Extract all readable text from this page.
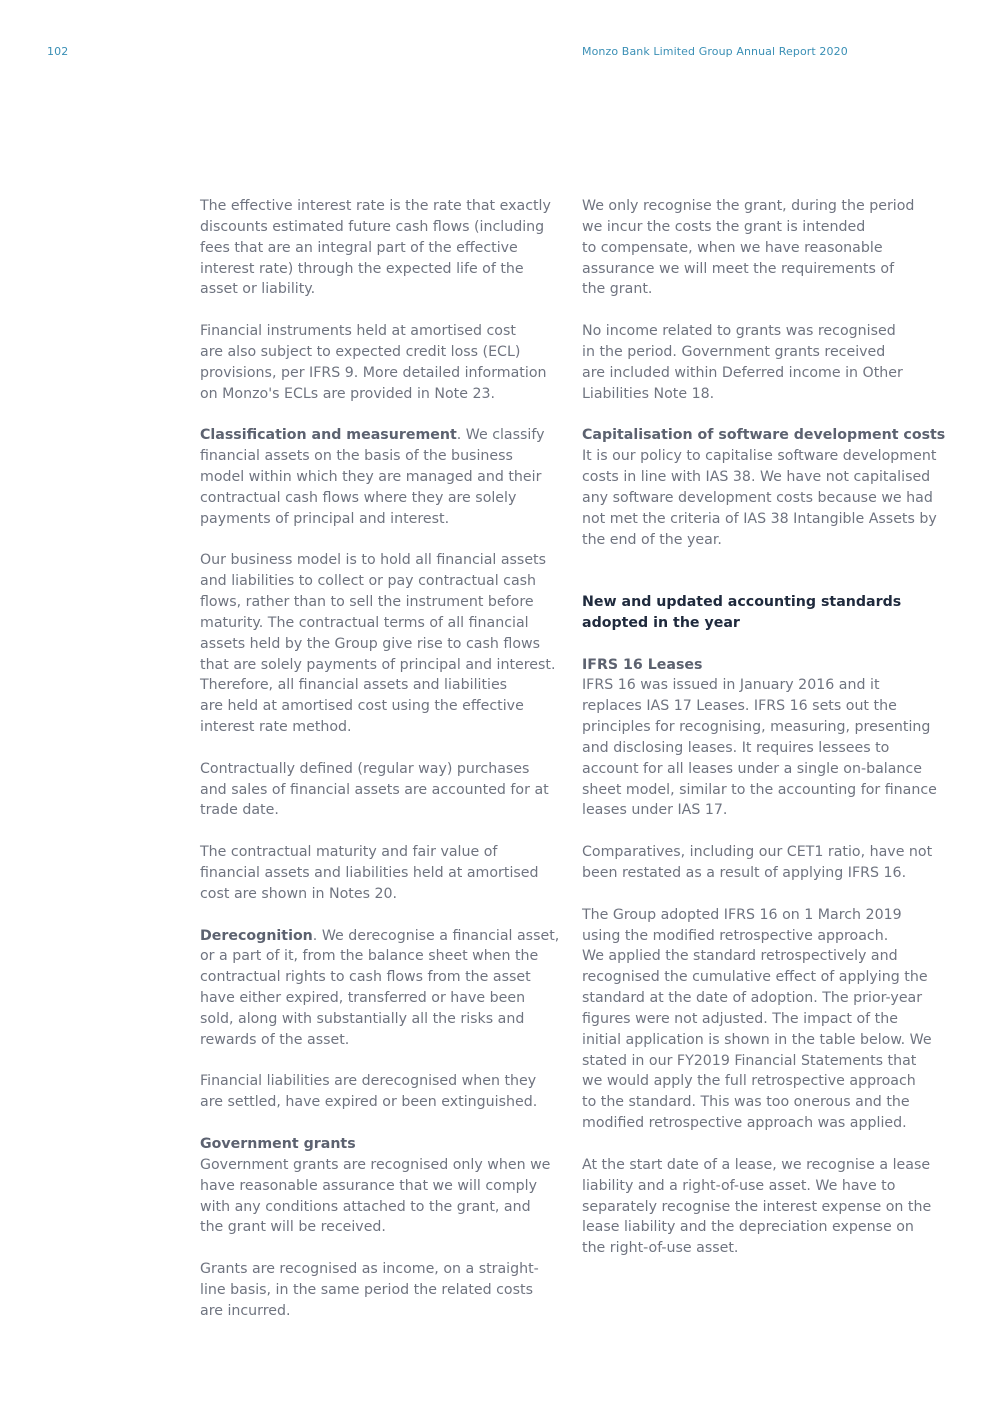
102	Monzo Bank Limited Group Annual Report 2020

The effective interest rate is the rate that exactly
discounts estimated future cash flows (including
fees that are an integral part of the effective
interest rate) through the expected life of the
asset or liability.

Financial instruments held at amortised cost
are also subject to expected credit loss (ECL)
provisions, per IFRS 9. More detailed information
on Monzo's ECLs are provided in Note 23.

Classification and measurement. We classify
financial assets on the basis of the business
model within which they are managed and their
contractual cash flows where they are solely
payments of principal and interest.

Our business model is to hold all financial assets
and liabilities to collect or pay contractual cash
flows, rather than to sell the instrument before
maturity. The contractual terms of all financial
assets held by the Group give rise to cash flows
that are solely payments of principal and interest.
Therefore, all financial assets and liabilities
are held at amortised cost using the effective
interest rate method.

Contractually defined (regular way) purchases
and sales of financial assets are accounted for at
trade date.

The contractual maturity and fair value of
financial assets and liabilities held at amortised
cost are shown in Notes 20.

Derecognition. We derecognise a financial asset,
or a part of it, from the balance sheet when the
contractual rights to cash flows from the asset
have either expired, transferred or have been
sold, along with substantially all the risks and
rewards of the asset.

Financial liabilities are derecognised when they
are settled, have expired or been extinguished.

Government grants
Government grants are recognised only when we
have reasonable assurance that we will comply
with any conditions attached to the grant, and
the grant will be received.

Grants are recognised as income, on a straight-
line basis, in the same period the related costs
are incurred.

We only recognise the grant, during the period
we incur the costs the grant is intended
to compensate, when we have reasonable
assurance we will meet the requirements of
the grant.

No income related to grants was recognised
in the period. Government grants received
are included within Deferred income in Other
Liabilities Note 18.

Capitalisation of software development costs
It is our policy to capitalise software development
costs in line with IAS 38. We have not capitalised
any software development costs because we had
not met the criteria of IAS 38 Intangible Assets by
the end of the year.

New and updated accounting standards
adopted in the year

IFRS 16 Leases
IFRS 16 was issued in January 2016 and it
replaces IAS 17 Leases. IFRS 16 sets out the
principles for recognising, measuring, presenting
and disclosing leases. It requires lessees to
account for all leases under a single on-balance
sheet model, similar to the accounting for finance
leases under IAS 17.

Comparatives, including our CET1 ratio, have not
been restated as a result of applying IFRS 16.

The Group adopted IFRS 16 on 1 March 2019
using the modified retrospective approach.
We applied the standard retrospectively and
recognised the cumulative effect of applying the
standard at the date of adoption. The prior-year
figures were not adjusted. The impact of the
initial application is shown in the table below. We
stated in our FY2019 Financial Statements that
we would apply the full retrospective approach
to the standard. This was too onerous and the
modified retrospective approach was applied.

At the start date of a lease, we recognise a lease
liability and a right-of-use asset. We have to
separately recognise the interest expense on the
lease liability and the depreciation expense on
the right-of-use asset.
